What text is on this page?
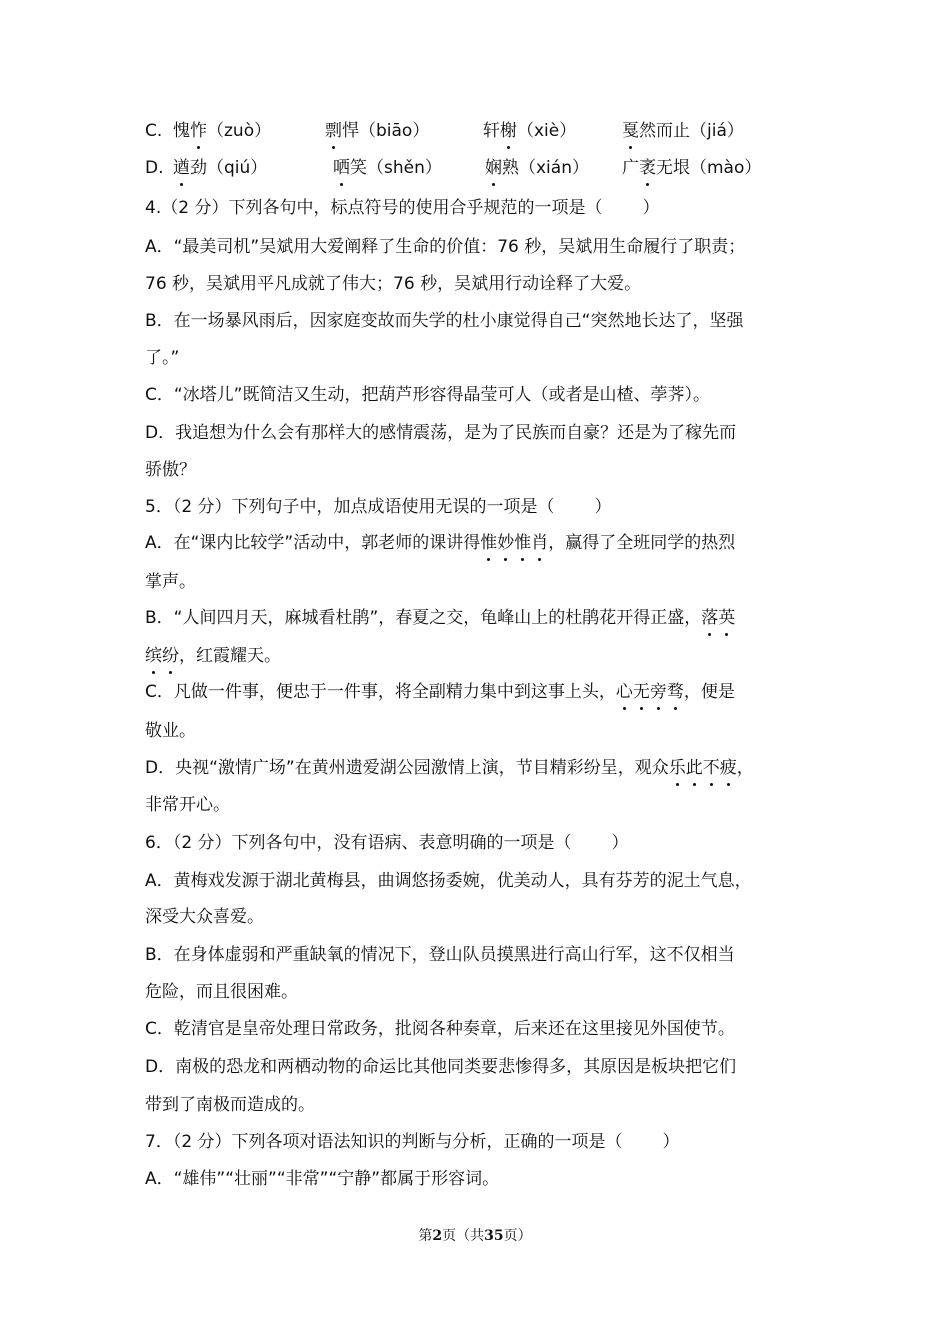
C. 愧怍（zuò）	剽悍（biāo）	轩榭（xiè）	戛然而止（jiá）
D. 遒劲（qiú）	哂笑（shěn）	娴熟（xián） 广袤无垠（mào）
4.（2 分）下列各句中，标点符号的使用合乎规范的一项是（ ）
A．“最美司机”吴斌用大爱阐释了生命的价值：76 秒，吴斌用生命履行了职责；
76 秒，吴斌用平凡成就了伟大；76 秒，吴斌用行动诠释了大爱。
B．在一场暴风雨后，因家庭变故而失学的杜小康觉得自己“突然地长达了，坚强
了。”
C．“冰塔儿”既简洁又生动，把葫芦形容得晶莹可人（或者是山楂、荸荠）。
D．我追想为什么会有那样大的感情震荡，是为了民族而自豪？还是为了稼先而
骄傲？
5．（2 分）下列句子中，加点成语使用无误的一项是（ ）
A．在“课内比较学”活动中，郭老师的课讲得惟妙惟肖，赢得了全班同学的热烈
掌声。
B．“人间四月天，麻城看杜鹃”，春夏之交，龟峰山上的杜鹃花开得正盛，落英
缤纷，红霞耀天。
C．凡做一件事，便忠于一件事，将全副精力集中到这事上头，心无旁骛，便是
敬业。
D．央视“激情广场”在黄州遗爱湖公园激情上演，节目精彩纷呈，观众乐此不疲，
非常开心。
6．（2 分）下列各句中，没有语病、表意明确的一项是（ ）
A．黄梅戏发源于湖北黄梅县，曲调悠扬委婉，优美动人，具有芬芳的泥土气息，
深受大众喜爱。
B．在身体虚弱和严重缺氧的情况下，登山队员摸黑进行高山行军，这不仅相当
危险，而且很困难。
C．乾清官是皇帝处理日常政务，批阅各种奏章，后来还在这里接见外国使节。
D．南极的恐龙和两栖动物的命运比其他同类要悲惨得多，其原因是板块把它们
带到了南极而造成的。
7．（2 分）下列各项对语法知识的判断与分析，正确的一项是（ ）
A．“雄伟”“壮丽”“非常”“宁静”都属于形容词。
第2页（共35页）
